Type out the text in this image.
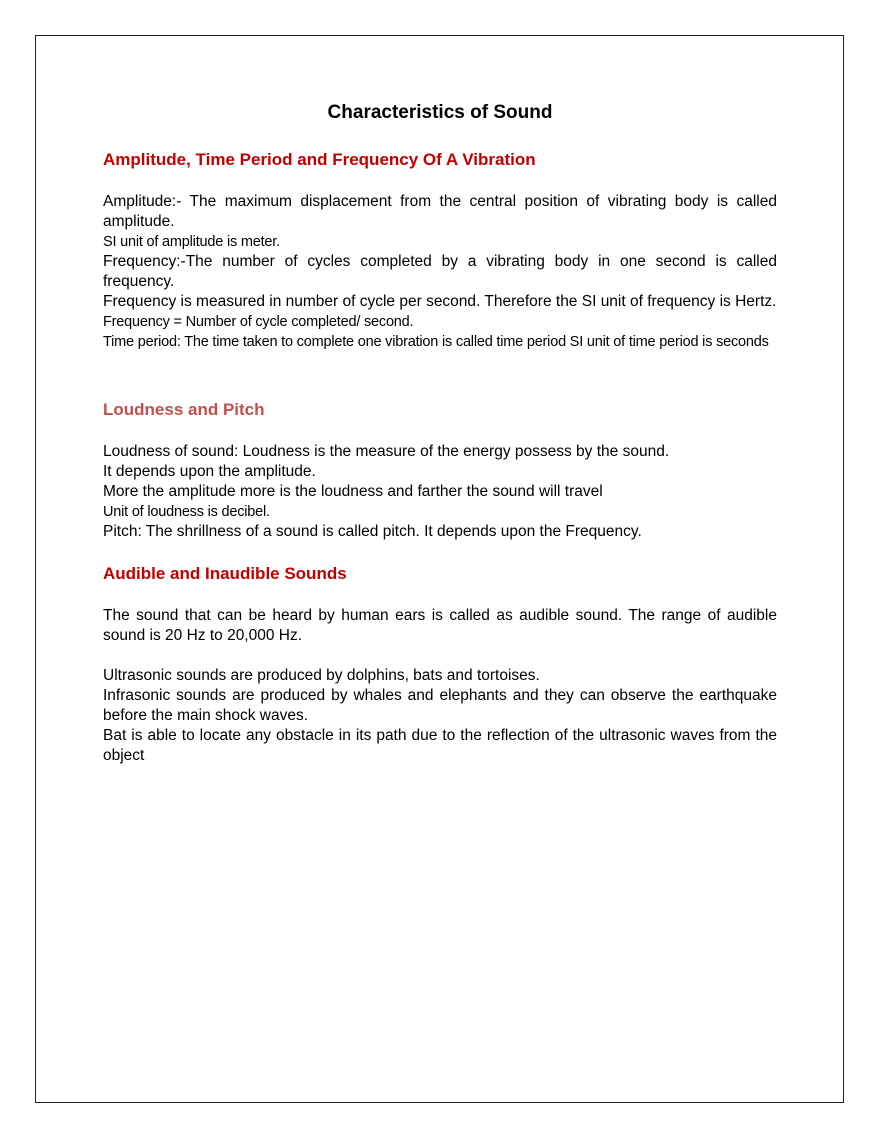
Characteristics of Sound
Amplitude, Time Period and Frequency Of A Vibration

Amplitude:- The maximum displacement from the central position of vibrating body is called amplitude.

SI unit of amplitude is meter.

Frequency:-The number of cycles completed by a vibrating body in one second is called frequency.

Frequency is measured in number of cycle per second. Therefore the SI unit of frequency is Hertz.

Frequency = Number of cycle completed/ second.

Time period: The time taken to complete one vibration is called time period SI unit of time period is seconds

Loudness and Pitch

Loudness of sound: Loudness is the measure of the energy possess by the sound.

It depends upon the amplitude.

More the amplitude more is the loudness and farther the sound will travel

Unit of loudness is decibel.

Pitch: The shrillness of a sound is called pitch. It depends upon the Frequency.

Audible and Inaudible Sounds

The sound that can be heard by human ears is called as audible sound. The range of audible sound is 20 Hz to 20,000 Hz.

Ultrasonic sounds are produced by dolphins, bats and tortoises.

Infrasonic sounds are produced by whales and elephants and they can observe the earthquake before the main shock waves.

Bat is able to locate any obstacle in its path due to the reflection of the ultrasonic waves from the object
